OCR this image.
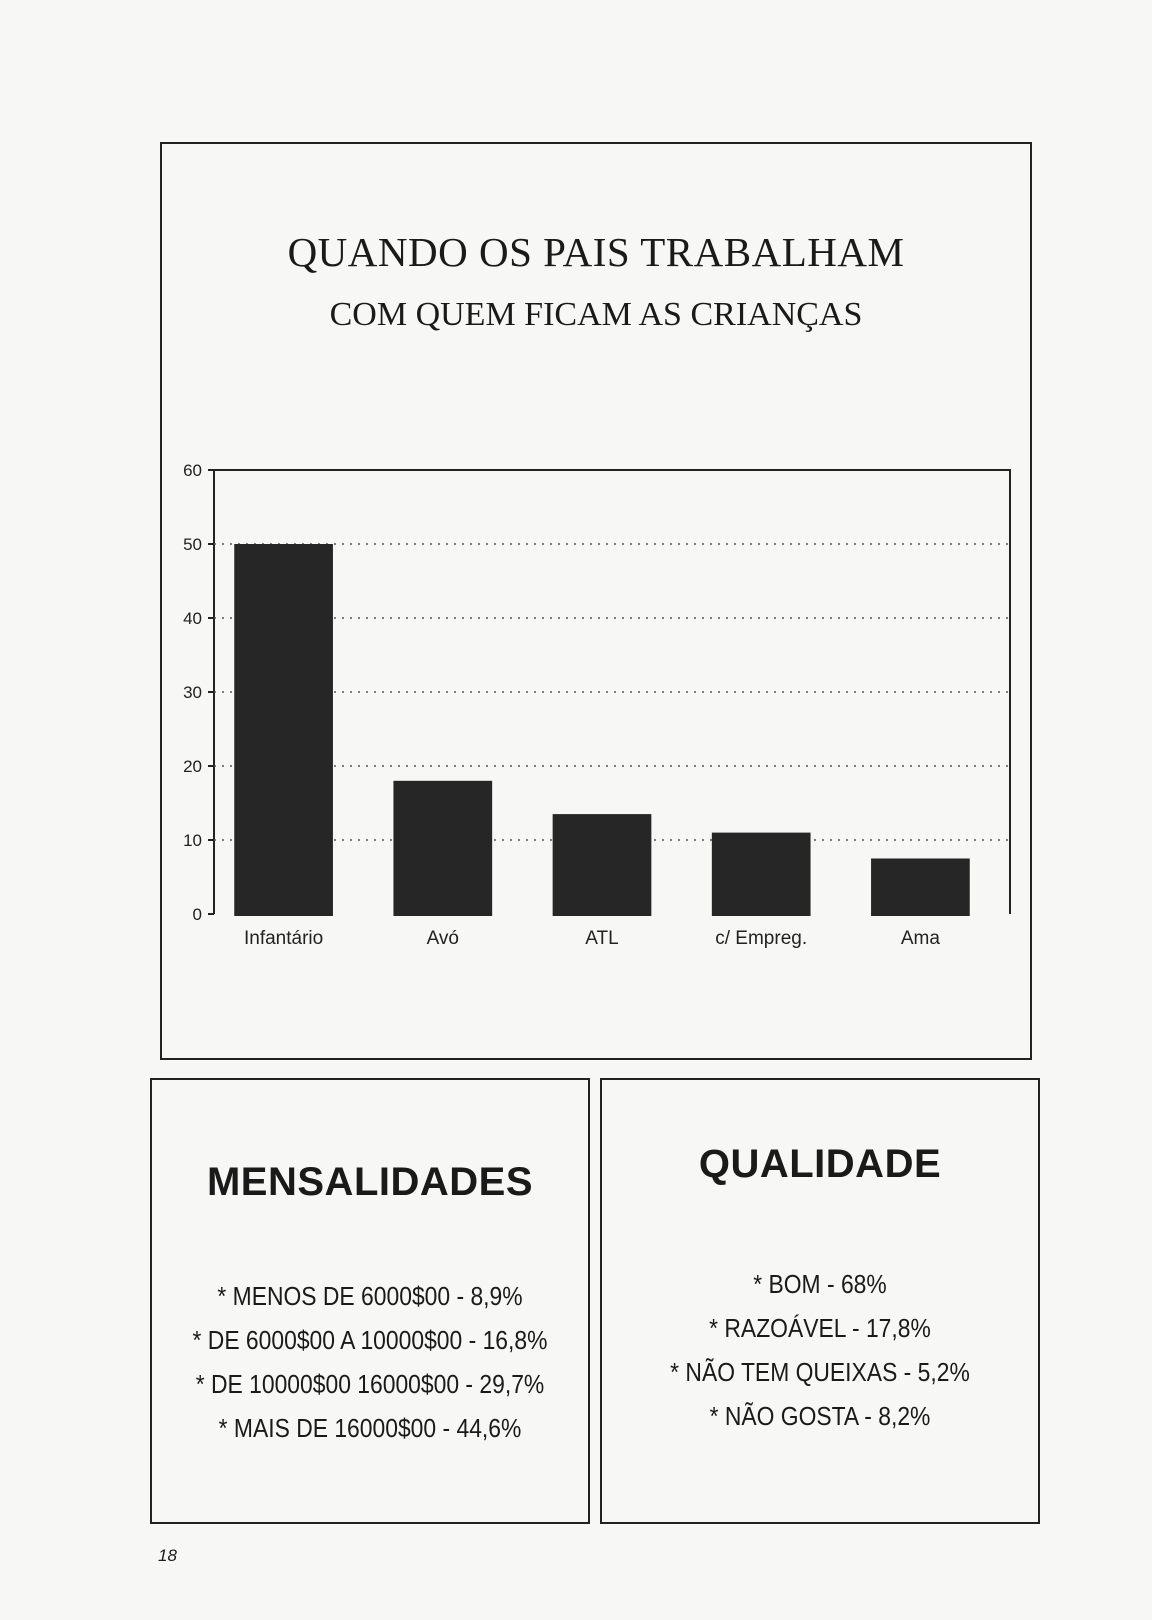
QUANDO OS PAIS TRABALHAM
COM QUEM FICAM AS CRIANÇAS
0
10
20
30
40
50
60
Infantário	Avó	ATL	c/ Empreg.	Ama
MENSALIDADES
* MENOS DE 6000$00 - 8,9%
* DE 6000$00 A 10000$00 - 16,8%
* DE 10000$00 16000$00 - 29,7%
* MAIS DE 16000$00 - 44,6%
QUALIDADE
* BOM - 68%
* RAZOÁVEL - 17,8%
* NÃO TEM QUEIXAS - 5,2%
* NÃO GOSTA - 8,2%
18
